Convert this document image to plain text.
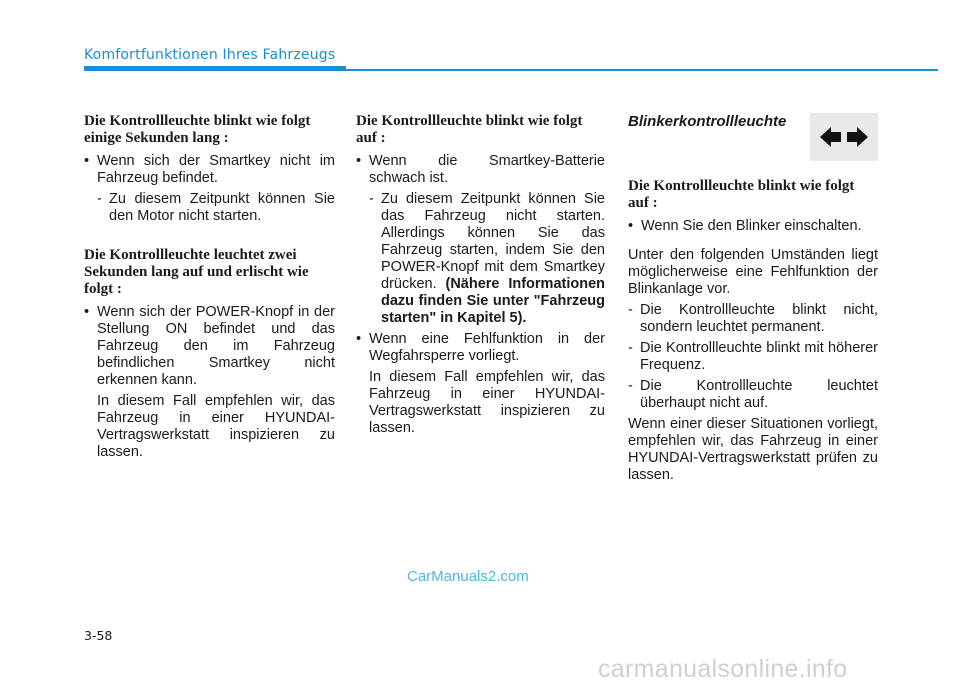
Komfortfunktionen Ihres Fahrzeugs

Die Kontrollleuchte blinkt wie folgt einige Sekunden lang :

• Wenn sich der Smartkey nicht im Fahrzeug befindet.
- Zu diesem Zeitpunkt können Sie den Motor nicht starten.

Die Kontrollleuchte leuchtet zwei Sekunden lang auf und erlischt wie folgt :

• Wenn sich der POWER-Knopf in der Stellung ON befindet und das Fahrzeug den im Fahrzeug befindlichen Smartkey nicht erkennen kann.

In diesem Fall empfehlen wir, das Fahrzeug in einer HYUNDAI-Vertragswerkstatt inspizieren zu lassen.

Die Kontrollleuchte blinkt wie folgt auf :

• Wenn die Smartkey-Batterie schwach ist.
- Zu diesem Zeitpunkt können Sie das Fahrzeug nicht starten. Allerdings können Sie das Fahrzeug starten, indem Sie den POWER-Knopf mit dem Smartkey drücken. (Nähere Informationen dazu finden Sie unter "Fahrzeug starten" in Kapitel 5).
• Wenn eine Fehlfunktion in der Wegfahrsperre vorliegt.

In diesem Fall empfehlen wir, das Fahrzeug in einer HYUNDAI-Vertragswerkstatt inspizieren zu lassen.

Blinkerkontrollleuchte

Die Kontrollleuchte blinkt wie folgt auf :

• Wenn Sie den Blinker einschalten.

Unter den folgenden Umständen liegt möglicherweise eine Fehlfunktion der Blinkanlage vor.

- Die Kontrollleuchte blinkt nicht, sondern leuchtet permanent.
- Die Kontrollleuchte blinkt mit höherer Frequenz.
- Die Kontrollleuchte leuchtet überhaupt nicht auf.

Wenn einer dieser Situationen vorliegt, empfehlen wir, das Fahrzeug in einer HYUNDAI-Vertragswerkstatt prüfen zu lassen.

CarManuals2.com
3-58
carmanualsonline.info
